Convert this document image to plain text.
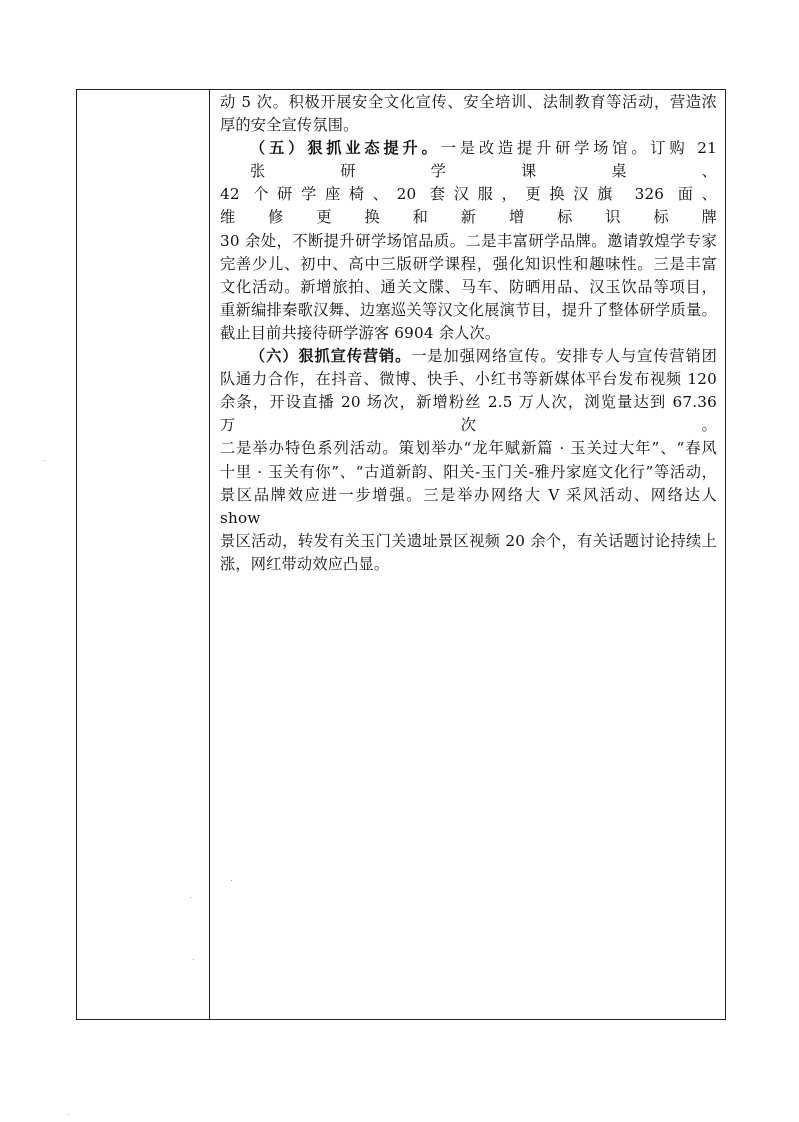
动 5 次。积极开展安全文化宣传、安全培训、法制教育等活动，营造浓

厚的安全宣传氛围。

（五）狠抓业态提升。一是改造提升研学场馆。订购 21 张研学课桌、

42 个研学座椅、20 套汉服，更换汉旗 326 面、维修更换和新增标识标牌

30 余处，不断提升研学场馆品质。二是丰富研学品牌。邀请敦煌学专家

完善少儿、初中、高中三版研学课程，强化知识性和趣味性。三是丰富

文化活动。新增旅拍、通关文牒、马车、防晒用品、汉玉饮品等项目，

重新编排秦歌汉舞、边塞巡关等汉文化展演节目，提升了整体研学质量。

截止目前共接待研学游客 6904 余人次。

（六）狠抓宣传营销。一是加强网络宣传。安排专人与宣传营销团

队通力合作，在抖音、微博、快手、小红书等新媒体平台发布视频 120

余条，开设直播 20 场次，新增粉丝 2.5 万人次，浏览量达到 67.36 万次。

二是举办特色系列活动。策划举办“龙年赋新篇 · 玉关过大年”、“春风

十里 · 玉关有你”、“古道新韵、阳关-玉门关-雅丹家庭文化行”等活动，

景区品牌效应进一步增强。三是举办网络大 V 采风活动、网络达人 show

景区活动，转发有关玉门关遗址景区视频 20 余个，有关话题讨论持续上

涨，网红带动效应凸显。
